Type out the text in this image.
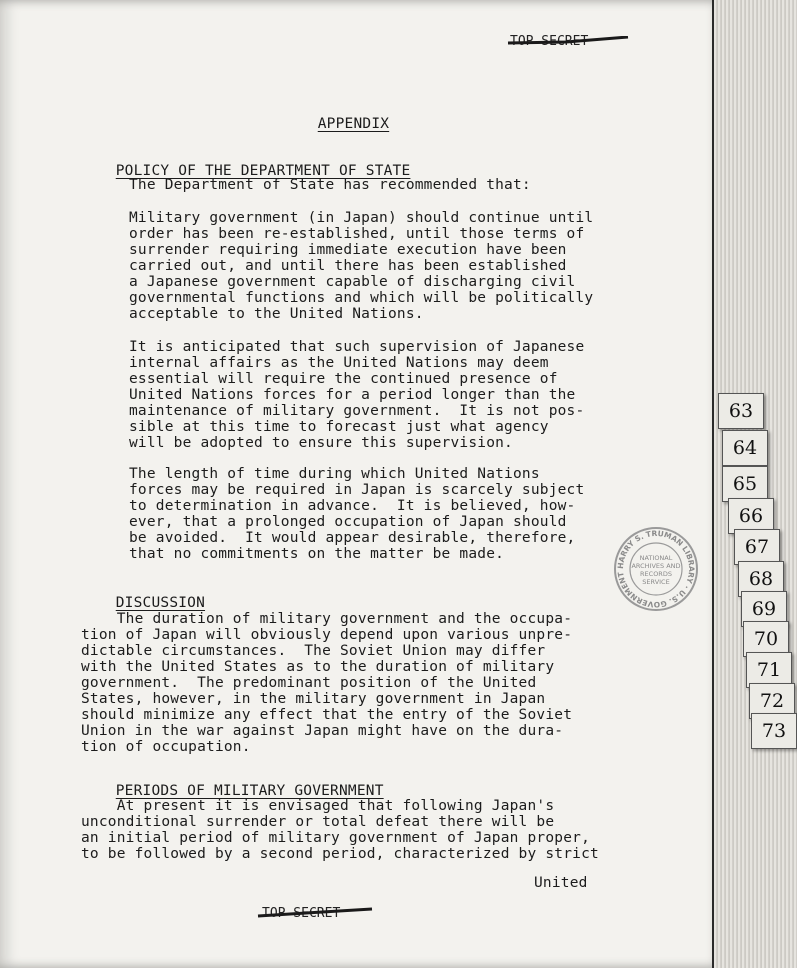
TOP SECRET

APPENDIX

POLICY OF THE DEPARTMENT OF STATE

The Department of State has recommended that:
Military government (in Japan) should continue until
order has been re-established, until those terms of
surrender requiring immediate execution have been
carried out, and until there has been established
a Japanese government capable of discharging civil
governmental functions and which will be politically
acceptable to the United Nations.
It is anticipated that such supervision of Japanese
internal affairs as the United Nations may deem
essential will require the continued presence of
United Nations forces for a period longer than the
maintenance of military government.  It is not pos-
sible at this time to forecast just what agency
will be adopted to ensure this supervision.
The length of time during which United Nations
forces may be required in Japan is scarcely subject
to determination in advance.  It is believed, how-
ever, that a prolonged occupation of Japan should
be avoided.  It would appear desirable, therefore,
that no commitments on the matter be made.

DISCUSSION

The duration of military government and the occupa-
tion of Japan will obviously depend upon various unpre-
dictable circumstances.  The Soviet Union may differ
with the United States as to the duration of military
government.  The predominant position of the United
States, however, in the military government in Japan
should minimize any effect that the entry of the Soviet
Union in the war against Japan might have on the dura-
tion of occupation.

PERIODS OF MILITARY GOVERNMENT

At present it is envisaged that following Japan's
unconditional surrender or total defeat there will be
an initial period of military government of Japan proper,
to be followed by a second period, characterized by strict
United
TOP SECRET
HARRY S. TRUMAN LIBRARY · U.S. GOVERNMENT
NATIONAL
ARCHIVES AND
RECORDS
SERVICE
63
64
65
66
67
68
69
70
71
72
73
